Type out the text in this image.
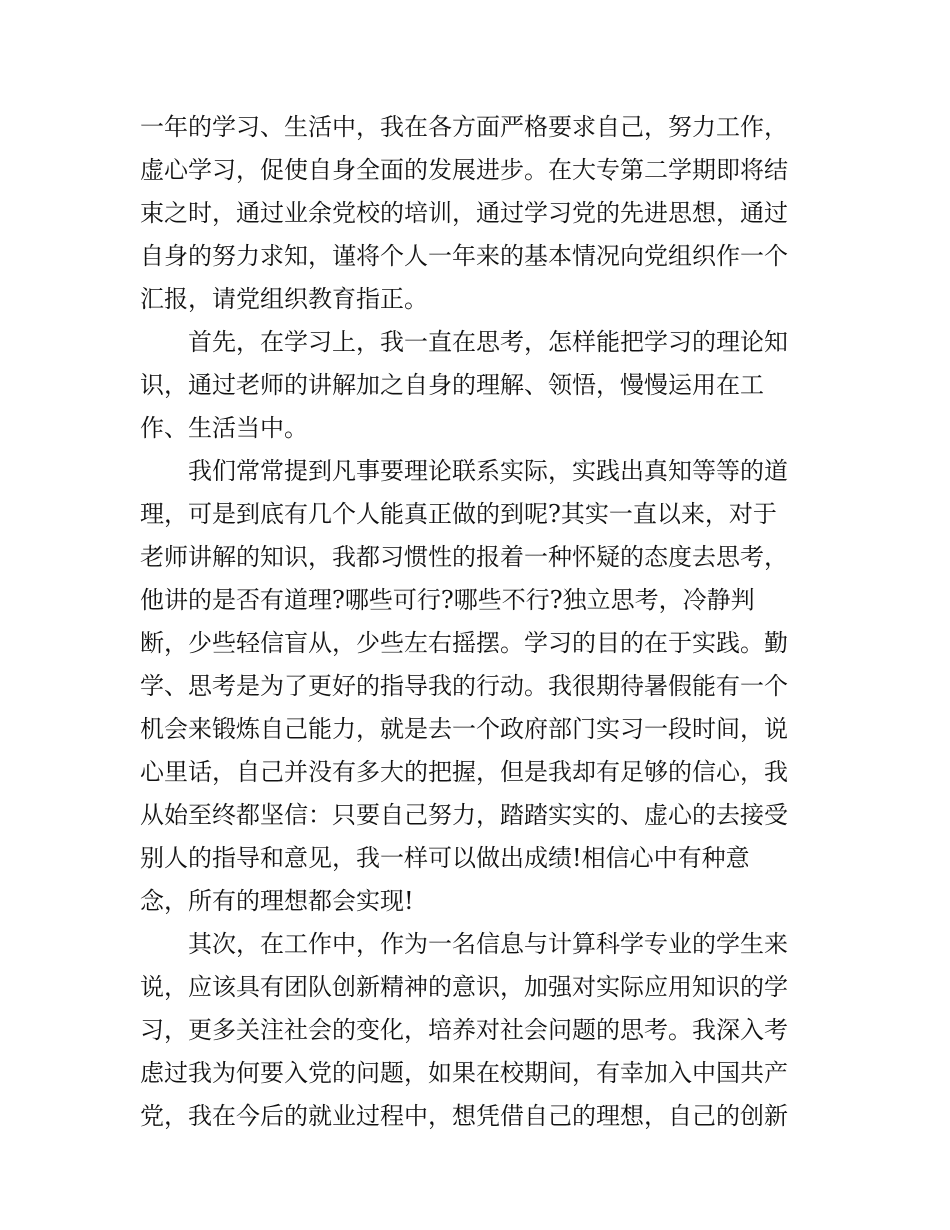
一年的学习、生活中，我在各方面严格要求自己，努力工作，
虚心学习，促使自身全面的发展进步。在大专第二学期即将结
束之时，通过业余党校的培训，通过学习党的先进思想，通过
自身的努力求知，谨将个人一年来的基本情况向党组织作一个
汇报，请党组织教育指正。
　　首先，在学习上，我一直在思考，怎样能把学习的理论知
识，通过老师的讲解加之自身的理解、领悟，慢慢运用在工
作、生活当中。
　　我们常常提到凡事要理论联系实际，实践出真知等等的道
理，可是到底有几个人能真正做的到呢?其实一直以来，对于
老师讲解的知识，我都习惯性的报着一种怀疑的态度去思考，
他讲的是否有道理?哪些可行?哪些不行?独立思考，冷静判
断，少些轻信盲从，少些左右摇摆。学习的目的在于实践。勤
学、思考是为了更好的指导我的行动。我很期待暑假能有一个
机会来锻炼自己能力，就是去一个政府部门实习一段时间，说
心里话，自己并没有多大的把握，但是我却有足够的信心，我
从始至终都坚信：只要自己努力，踏踏实实的、虚心的去接受
别人的指导和意见，我一样可以做出成绩!相信心中有种意
念，所有的理想都会实现!
　　其次，在工作中，作为一名信息与计算科学专业的学生来
说，应该具有团队创新精神的意识，加强对实际应用知识的学
习，更多关注社会的变化，培养对社会问题的思考。我深入考
虑过我为何要入党的问题，如果在校期间，有幸加入中国共产
党，我在今后的就业过程中，想凭借自己的理想，自己的创新
